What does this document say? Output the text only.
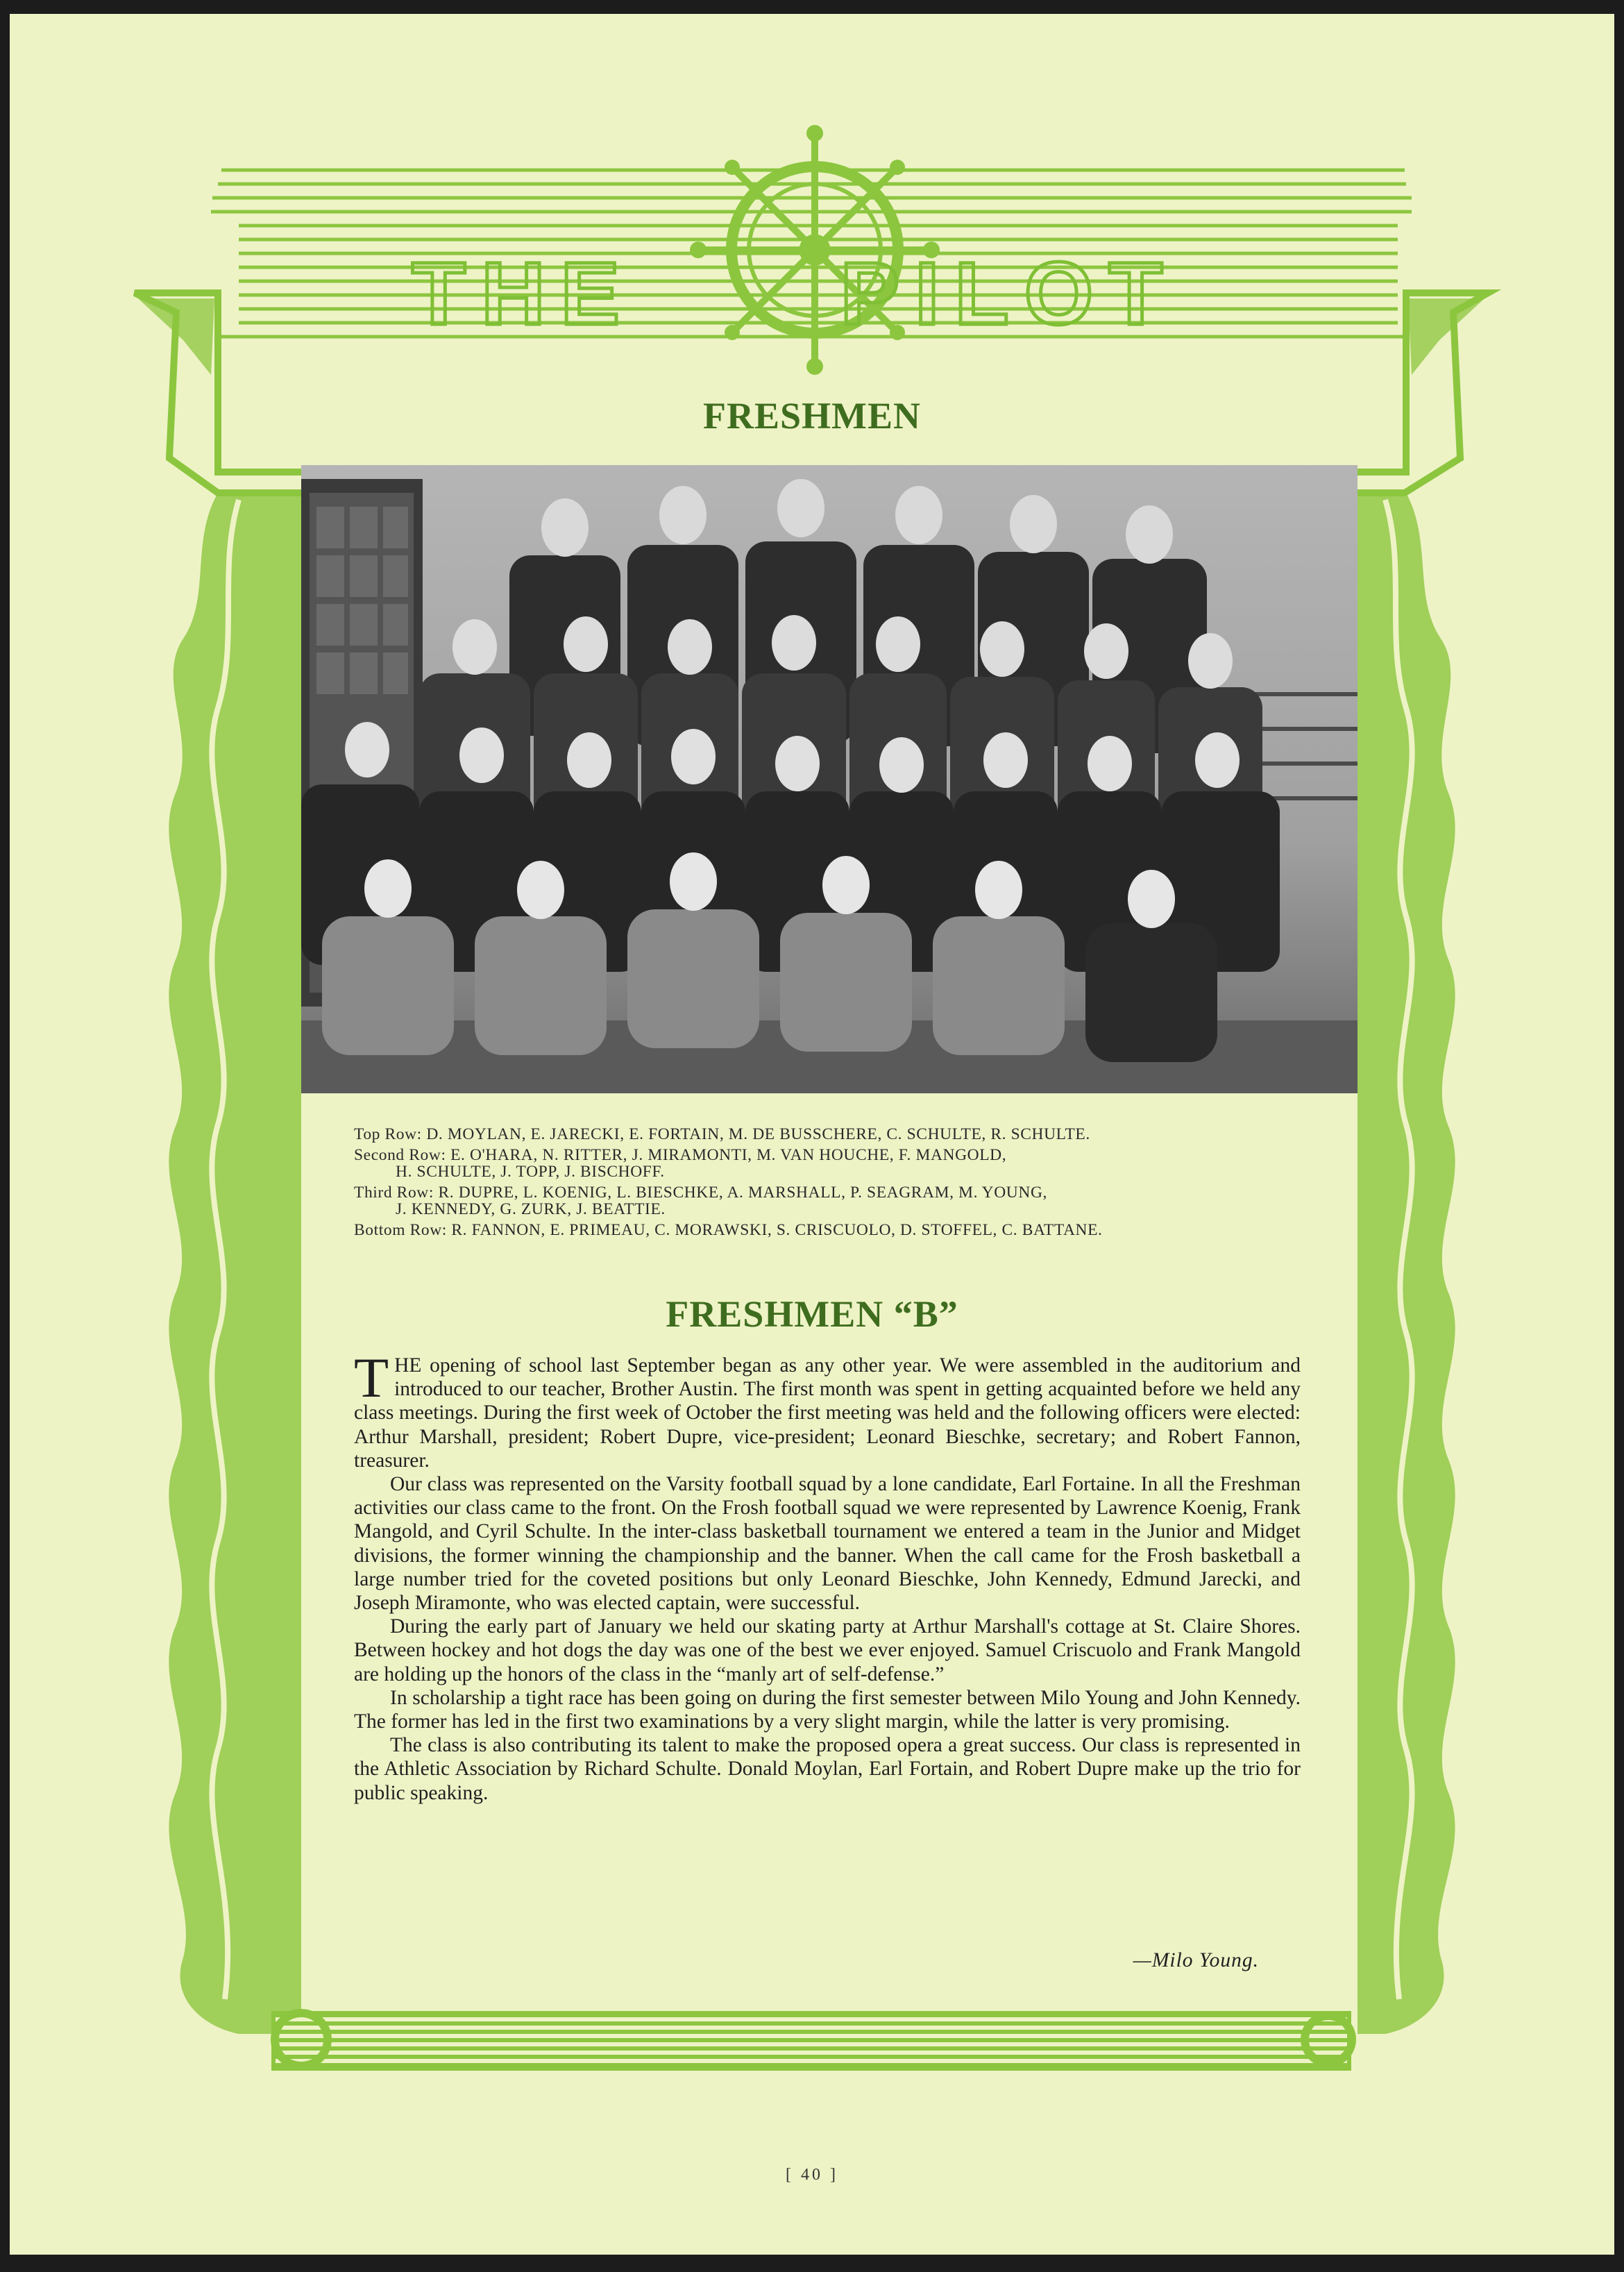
THE	PILOT
FRESHMEN
Top Row: D. MOYLAN, E. JARECKI, E. FORTAIN, M. DE BUSSCHERE, C. SCHULTE, R. SCHULTE.
Second Row: E. O'HARA, N. RITTER, J. MIRAMONTI, M. VAN HOUCHE, F. MANGOLD,
H. SCHULTE, J. TOPP, J. BISCHOFF.
Third Row: R. DUPRE, L. KOENIG, L. BIESCHKE, A. MARSHALL, P. SEAGRAM, M. YOUNG,
J. KENNEDY, G. ZURK, J. BEATTIE.
Bottom Row: R. FANNON, E. PRIMEAU, C. MORAWSKI, S. CRISCUOLO, D. STOFFEL, C. BATTANE.
FRESHMEN “B”

THE opening of school last September began as any other year. We were assembled in the auditorium and introduced to our teacher, Brother Austin. The first month was spent in getting acquainted before we held any class meetings. During the first week of October the first meeting was held and the following officers were elected: Arthur Marshall, president; Robert Dupre, vice-president; Leonard Bieschke, secretary; and Robert Fannon, treasurer.

Our class was represented on the Varsity football squad by a lone candidate, Earl Fortaine. In all the Freshman activities our class came to the front. On the Frosh football squad we were represented by Lawrence Koenig, Frank Mangold, and Cyril Schulte. In the inter-class basketball tournament we entered a team in the Junior and Midget divisions, the former winning the championship and the banner. When the call came for the Frosh basketball a large number tried for the coveted positions but only Leonard Bieschke, John Kennedy, Edmund Jarecki, and Joseph Miramonte, who was elected captain, were successful.

During the early part of January we held our skating party at Arthur Marshall's cottage at St. Claire Shores. Between hockey and hot dogs the day was one of the best we ever enjoyed. Samuel Criscuolo and Frank Mangold are holding up the honors of the class in the “manly art of self-defense.”

In scholarship a tight race has been going on during the first semester between Milo Young and John Kennedy. The former has led in the first two examinations by a very slight margin, while the latter is very promising.

The class is also contributing its talent to make the proposed opera a great success. Our class is represented in the Athletic Association by Richard Schulte. Donald Moylan, Earl Fortain, and Robert Dupre make up the trio for public speaking.

—Milo Young.
[ 40 ]
